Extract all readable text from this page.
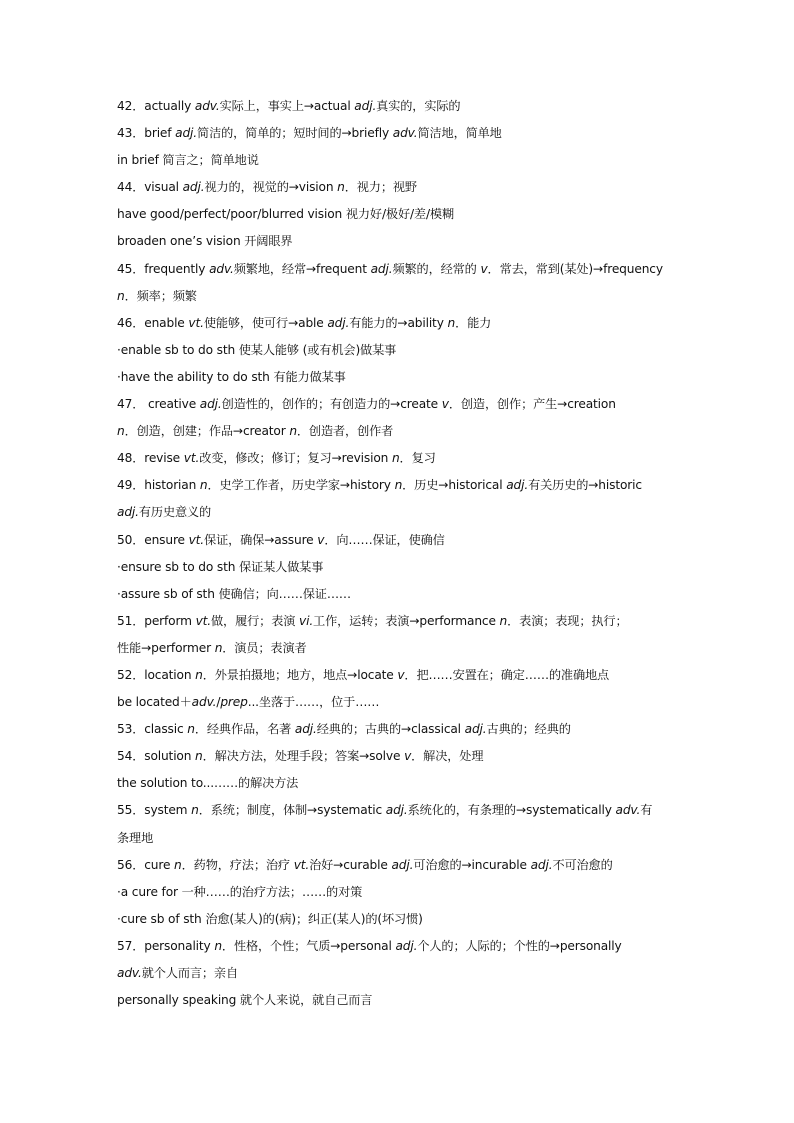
42．actually adv.实际上，事实上→actual adj.真实的，实际的
43．brief adj.简洁的，简单的；短时间的→briefly adv.简洁地，简单地
in brief 简言之；简单地说
44．visual adj.视力的，视觉的→vision n．视力；视野
have good/perfect/poor/blurred vision 视力好/极好/差/模糊
broaden one’s vision 开阔眼界
45．frequently adv.频繁地，经常→frequent adj.频繁的，经常的 v．常去，常到(某处)→frequency
n．频率；频繁
46．enable vt.使能够，使可行→able adj.有能力的→ability n．能力
·enable sb to do sth 使某人能够 (或有机会)做某事
·have the ability to do sth 有能力做某事
47． creative adj.创造性的，创作的；有创造力的→create v．创造，创作；产生→creation
n．创造，创建；作品→creator n．创造者，创作者
48．revise vt.改变，修改；修订；复习→revision n．复习
49．historian n．史学工作者，历史学家→history n．历史→historical adj.有关历史的→historic
adj.有历史意义的
50．ensure vt.保证，确保→assure v．向……保证，使确信
·ensure sb to do sth 保证某人做某事
·assure sb of sth 使确信；向……保证……
51．perform vt.做，履行；表演 vi.工作，运转；表演→performance n．表演；表现；执行；
性能→performer n．演员；表演者
52．location n．外景拍摄地；地方，地点→locate v．把……安置在；确定……的准确地点
be located＋adv./prep...坐落于……，位于……
53．classic n．经典作品，名著 adj.经典的；古典的→classical adj.古典的；经典的
54．solution n．解决方法，处理手段；答案→solve v．解决，处理
the solution to...……的解决方法
55．system n．系统；制度，体制→systematic adj.系统化的，有条理的→systematically adv.有
条理地
56．cure n．药物，疗法；治疗 vt.治好→curable adj.可治愈的→incurable adj.不可治愈的
·a cure for 一种……的治疗方法；……的对策
·cure sb of sth 治愈(某人)的(病)；纠正(某人)的(坏习惯)
57．personality n．性格，个性；气质→personal adj.个人的；人际的；个性的→personally
adv.就个人而言；亲自
personally speaking 就个人来说，就自己而言
